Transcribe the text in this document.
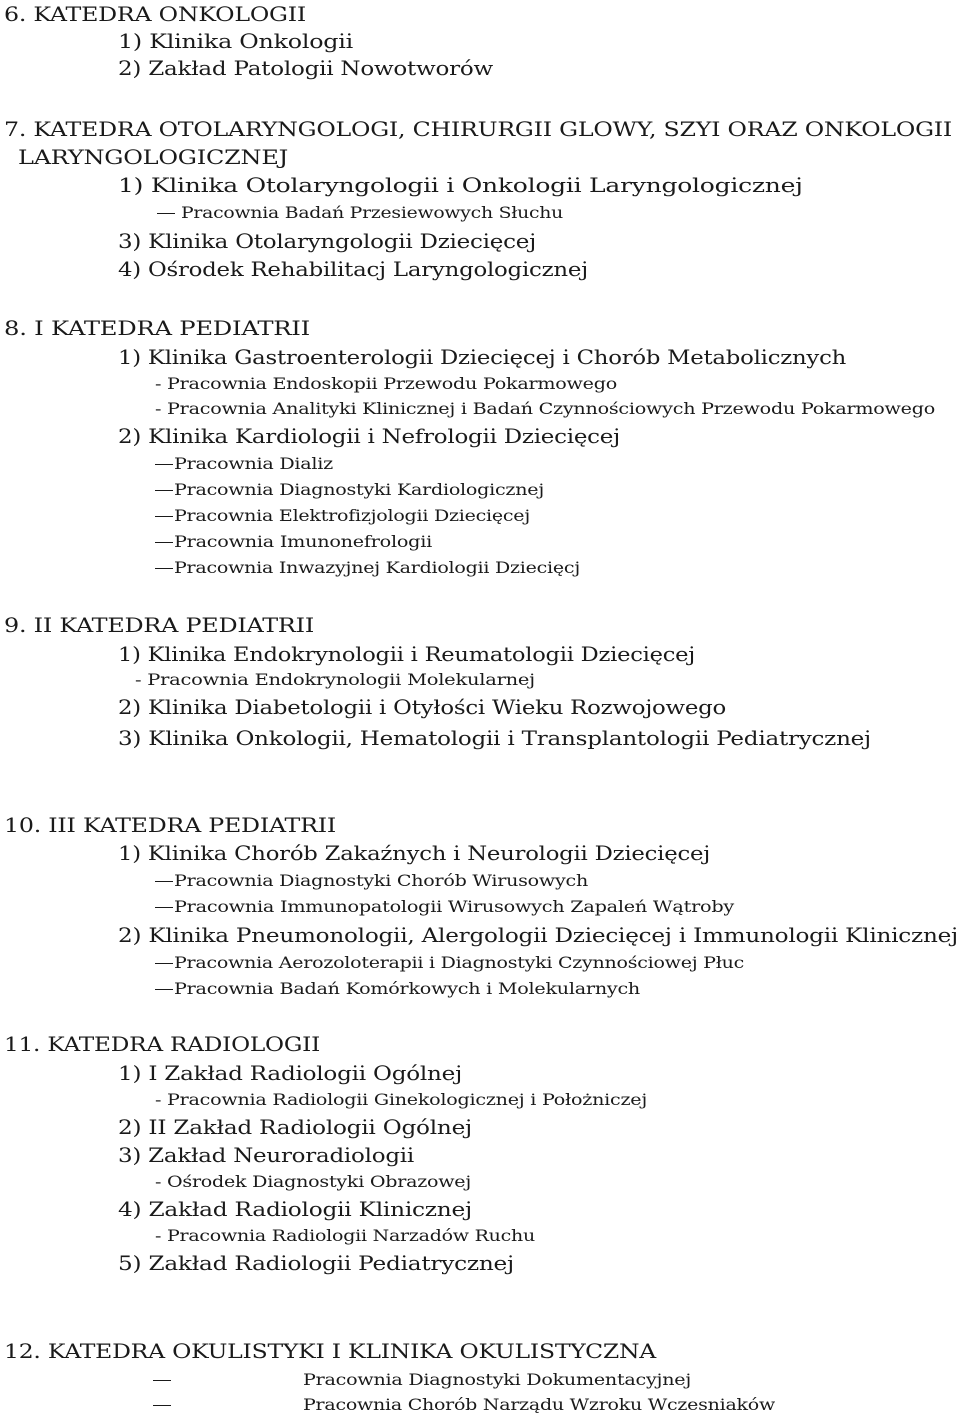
6. KATEDRA ONKOLOGII
1) Klinika Onkologii
2) Zakład Patologii Nowotworów
7. KATEDRA OTOLARYNGOLOGI, CHIRURGII GLOWY, SZYI ORAZ ONKOLOGII
LARYNGOLOGICZNEJ
1) Klinika Otolaryngologii i Onkologii Laryngologicznej
Pracownia Badań Przesiewowych Słuchu
3) Klinika Otolaryngologii Dziecięcej
4) Ośrodek Rehabilitacj Laryngologicznej
8. I KATEDRA PEDIATRII
1) Klinika Gastroenterologii Dziecięcej i Chorób Metabolicznych
- Pracownia Endoskopii Przewodu Pokarmowego
- Pracownia Analityki Klinicznej i Badań Czynnościowych Przewodu Pokarmowego
2) Klinika Kardiologii i Nefrologii Dziecięcej
Pracownia Dializ
Pracownia Diagnostyki Kardiologicznej
Pracownia Elektrofizjologii Dziecięcej
Pracownia Imunonefrologii
Pracownia Inwazyjnej Kardiologii Dziecięcj
9. II KATEDRA PEDIATRII
1) Klinika Endokrynologii i Reumatologii Dziecięcej
- Pracownia Endokrynologii Molekularnej
2) Klinika Diabetologii i Otyłości Wieku Rozwojowego
3) Klinika Onkologii, Hematologii i Transplantologii Pediatrycznej
10. III KATEDRA PEDIATRII
1) Klinika Chorób Zakaźnych i Neurologii Dziecięcej
Pracownia Diagnostyki Chorób Wirusowych
Pracownia Immunopatologii Wirusowych Zapaleń Wątroby
2) Klinika Pneumonologii, Alergologii Dziecięcej i Immunologii Klinicznej
Pracownia Aerozoloterapii i Diagnostyki Czynnościowej Płuc
Pracownia Badań Komórkowych i Molekularnych
11. KATEDRA RADIOLOGII
1) I Zakład Radiologii Ogólnej
- Pracownia Radiologii Ginekologicznej i Położniczej
2) II Zakład Radiologii Ogólnej
3) Zakład Neuroradiologii
- Ośrodek Diagnostyki Obrazowej
4) Zakład Radiologii Klinicznej
- Pracownia Radiologii Narzadów Ruchu
5) Zakład Radiologii Pediatrycznej
12. KATEDRA OKULISTYKI I KLINIKA OKULISTYCZNA
Pracownia Diagnostyki Dokumentacyjnej
Pracownia Chorób Narządu Wzroku Wczesniaków
